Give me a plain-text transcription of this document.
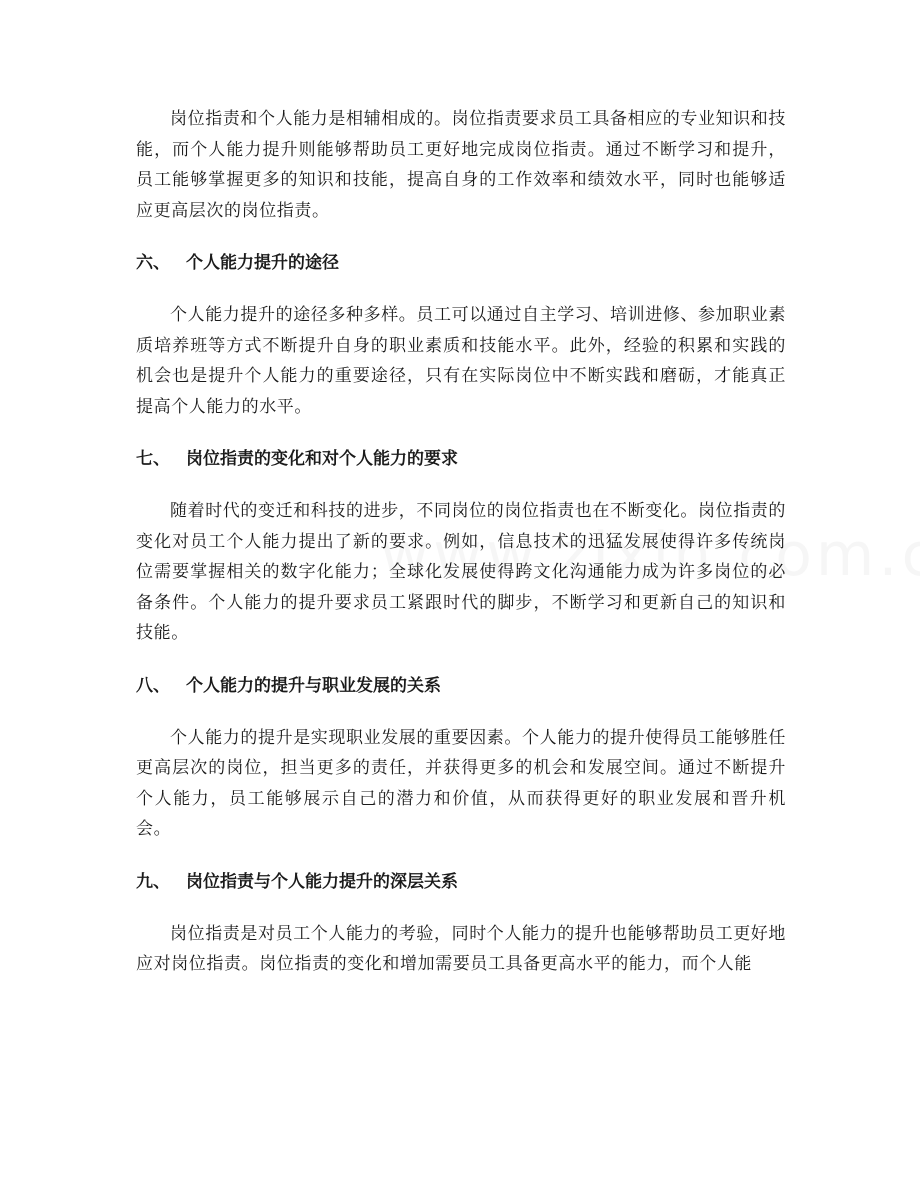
岗位指责和个人能力是相辅相成的。岗位指责要求员工具备相应的专业知识和技能，而个人能力提升则能够帮助员工更好地完成岗位指责。通过不断学习和提升，员工能够掌握更多的知识和技能，提高自身的工作效率和绩效水平，同时也能够适应更高层次的岗位指责。

六、 个人能力提升的途径

个人能力提升的途径多种多样。员工可以通过自主学习、培训进修、参加职业素质培养班等方式不断提升自身的职业素质和技能水平。此外，经验的积累和实践的机会也是提升个人能力的重要途径，只有在实际岗位中不断实践和磨砺，才能真正提高个人能力的水平。

七、 岗位指责的变化和对个人能力的要求

随着时代的变迁和科技的进步，不同岗位的岗位指责也在不断变化。岗位指责的变化对员工个人能力提出了新的要求。例如，信息技术的迅猛发展使得许多传统岗位需要掌握相关的数字化能力；全球化发展使得跨文化沟通能力成为许多岗位的必备条件。个人能力的提升要求员工紧跟时代的脚步，不断学习和更新自己的知识和技能。

八、 个人能力的提升与职业发展的关系

个人能力的提升是实现职业发展的重要因素。个人能力的提升使得员工能够胜任更高层次的岗位，担当更多的责任，并获得更多的机会和发展空间。通过不断提升个人能力，员工能够展示自己的潜力和价值，从而获得更好的职业发展和晋升机会。

九、 岗位指责与个人能力提升的深层关系

岗位指责是对员工个人能力的考验，同时个人能力的提升也能够帮助员工更好地应对岗位指责。岗位指责的变化和增加需要员工具备更高水平的能力，而个人能
